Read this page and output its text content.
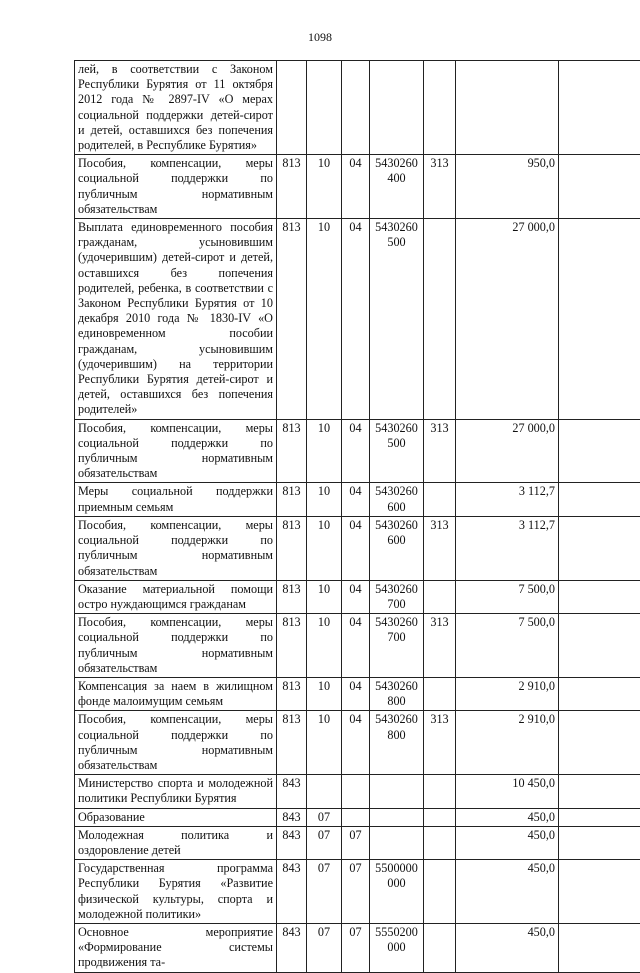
1098
лей, в соответствии с Законом Республики Бурятия от 11 октября 2012 года № 2897-IV «О мерах социальной поддержки детей-сирот и детей, оставшихся без попечения родителей, в Республике Бурятия»							
Пособия, компенсации, меры социальной поддержки по публичным нормативным обязательствам	813	10	04	5430260400	313	950,0	
Выплата единовременного пособия гражданам, усыновившим (удочерившим) детей-сирот и детей, оставшихся без попечения родителей, ребенка, в соответствии с Законом Республики Бурятия от 10 декабря 2010 года № 1830-IV «О единовременном пособии гражданам, усыновившим (удочерившим) на территории Республики Бурятия детей-сирот и детей, оставшихся без попечения родителей»	813	10	04	5430260500		27 000,0	
Пособия, компенсации, меры социальной поддержки по публичным нормативным обязательствам	813	10	04	5430260500	313	27 000,0	
Меры социальной поддержки приемным семьям	813	10	04	5430260600		3 112,7	
Пособия, компенсации, меры социальной поддержки по публичным нормативным обязательствам	813	10	04	5430260600	313	3 112,7	
Оказание материальной помощи остро нуждающимся гражданам	813	10	04	5430260700		7 500,0	
Пособия, компенсации, меры социальной поддержки по публичным нормативным обязательствам	813	10	04	5430260700	313	7 500,0	
Компенсация за наем в жилищном фонде малоимущим семьям	813	10	04	5430260800		2 910,0	
Пособия, компенсации, меры социальной поддержки по публичным нормативным обязательствам	813	10	04	5430260800	313	2 910,0	
Министерство спорта и молодежной политики Республики Бурятия	843					10 450,0	
Образование	843	07				450,0	
Молодежная политика и оздоровление детей	843	07	07			450,0	
Государственная программа Республики Бурятия «Развитие физической культуры, спорта и молодежной политики»	843	07	07	5500000000		450,0	
Основное мероприятие «Формирование системы продвижения та-	843	07	07	5550200000		450,0	
